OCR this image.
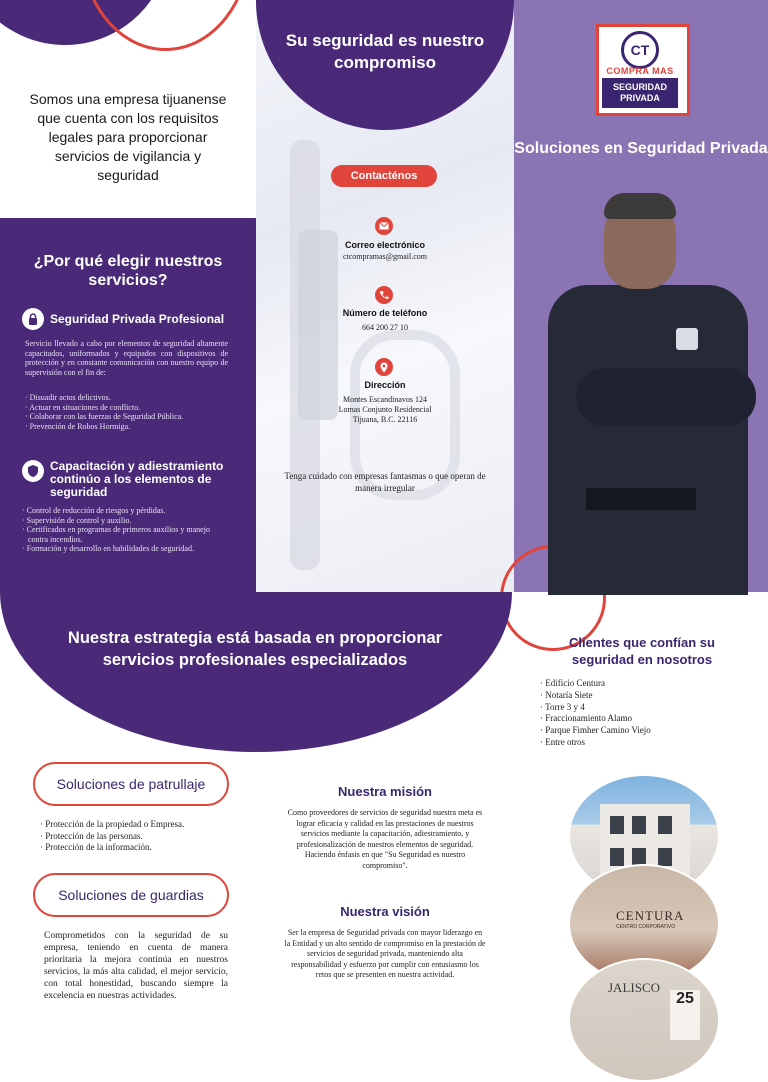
Somos una empresa tijuanense que cuenta con los requisitos legales para proporcionar servicios de vigilancia y seguridad
¿Por qué elegir nuestros servicios?
Seguridad Privada Profesional
Servicio llevado a cabo por elementos de seguridad altamente capacitados, uniformados y equipados con dispositivos de protección y en constante comunicación con nuestro equipo de supervisión con el fin de:
· Disuadir actos delictivos.
· Actuar en situaciones de conflicto.
· Colaborar con las fuerzas de Seguridad Pública.
· Prevención de Robos Hormiga.
Capacitación y adiestramiento continúo a los elementos de seguridad
· Control de reducción de riesgos y pérdidas.
· Supervisión de control y auxilio.
· Certificados en programas de primeros auxilios y manejo contra incendios.
· Formación y desarrollo en habilidades de seguridad.
Su seguridad es nuestro compromiso
Contacténos
Correo electrónico
ctcompramas@gmail.com
Número de teléfono
664 200 27 10
Dirección
Montes Escandinavos 124
Lomas Conjunto Residencial
Tijuana, B.C. 22116
Tenga cuidado con empresas fantasmas o que operan de manera irregular
CT
COMPRA MAS
SEGURIDAD
PRIVADA
Soluciones en Seguridad Privada
Nuestra estrategia está basada en proporcionar servicios profesionales especializados
Soluciones de patrullaje
· Protección de la propiedad o Empresa.
· Protección de las personas.
· Protección de la información.
Soluciones de guardias
Comprometidos con la seguridad de su empresa, teniendo en cuenta de manera prioritaria la mejora continúa en nuestros servicios, la más alta calidad, el mejor servicio, con total honestidad, buscando siempre la excelencia en nuestras actividades.
Nuestra misión
Como proveedores de servicios de seguridad nuestra meta es lograr eficacia y calidad en las prestaciones de nuestros servicios mediante la capacitación, adiestramiento, y profesionalización de nuestros elementos de seguridad. Haciendo énfasis en que "Su Seguridad es nuestro compromiso".
Nuestra visión
Ser la empresa de Seguridad privada con mayor liderazgo en la Entidad y un alto sentido de compromiso en la prestación de servicios de seguridad privada, manteniendo alta responsabilidad y esfuerzo por cumplir con entusiasmo los retos que se presenten en nuestra actividad.
Clientes que confían su seguridad en nosotros
· Edificio Centura
· Notaría Siete
· Torre 3 y 4
· Fraccionamiento Alamo
· Parque Fimher Camino Viejo
· Entre otros
CENTURA
CENTRO CORPORATIVO
JALISCO
25
